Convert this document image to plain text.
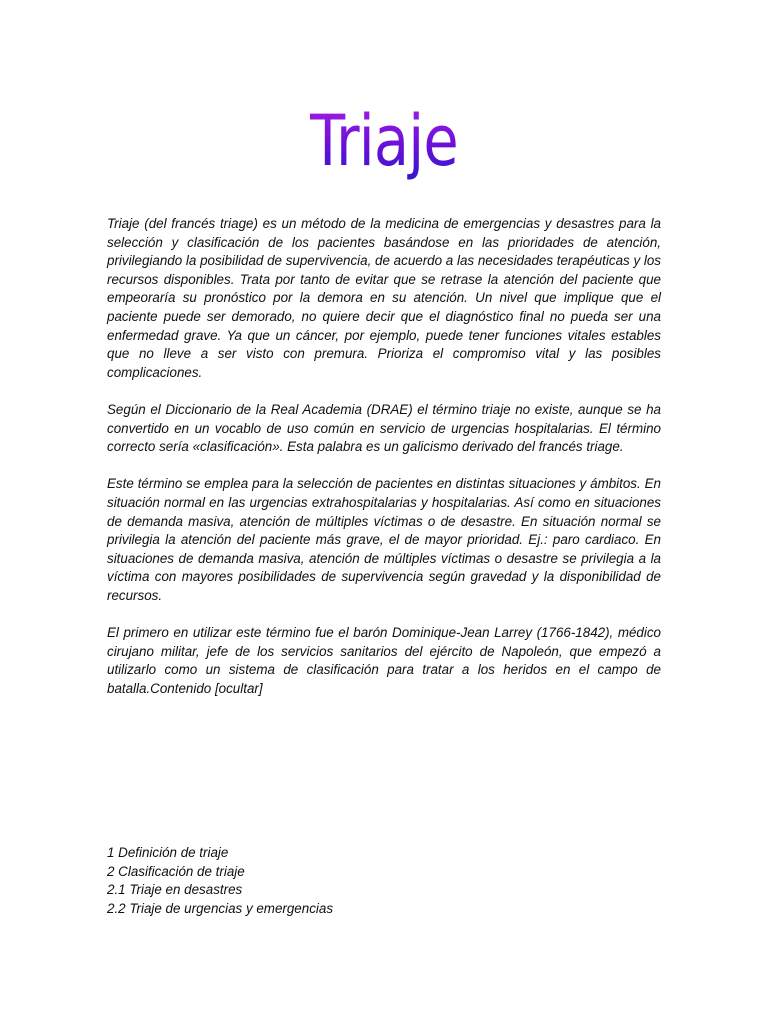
Triaje

Triaje (del francés triage) es un método de la medicina de emergencias y desastres para la selección y clasificación de los pacientes basándose en las prioridades de atención, privilegiando la posibilidad de supervivencia, de acuerdo a las necesidades terapéuticas y los recursos disponibles. Trata por tanto de evitar que se retrase la atención del paciente que empeoraría su pronóstico por la demora en su atención. Un nivel que implique que el paciente puede ser demorado, no quiere decir que el diagnóstico final no pueda ser una enfermedad grave. Ya que un cáncer, por ejemplo, puede tener funciones vitales estables que no lleve a ser visto con premura. Prioriza el compromiso vital y las posibles complicaciones.

Según el Diccionario de la Real Academia (DRAE) el término triaje no existe, aunque se ha convertido en un vocablo de uso común en servicio de urgencias hospitalarias. El término correcto sería «clasificación». Esta palabra es un galicismo derivado del francés triage.

Este término se emplea para la selección de pacientes en distintas situaciones y ámbitos. En situación normal en las urgencias extrahospitalarias y hospitalarias. Así como en situaciones de demanda masiva, atención de múltiples víctimas o de desastre. En situación normal se privilegia la atención del paciente más grave, el de mayor prioridad. Ej.: paro cardiaco. En situaciones de demanda masiva, atención de múltiples víctimas o desastre se privilegia a la víctima con mayores posibilidades de supervivencia según gravedad y la disponibilidad de recursos.

El primero en utilizar este término fue el barón Dominique-Jean Larrey (1766-1842), médico cirujano militar, jefe de los servicios sanitarios del ejército de Napoleón, que empezó a utilizarlo como un sistema de clasificación para tratar a los heridos en el campo de batalla.Contenido [ocultar]

1 Definición de triaje
2 Clasificación de triaje
2.1 Triaje en desastres
2.2 Triaje de urgencias y emergencias
